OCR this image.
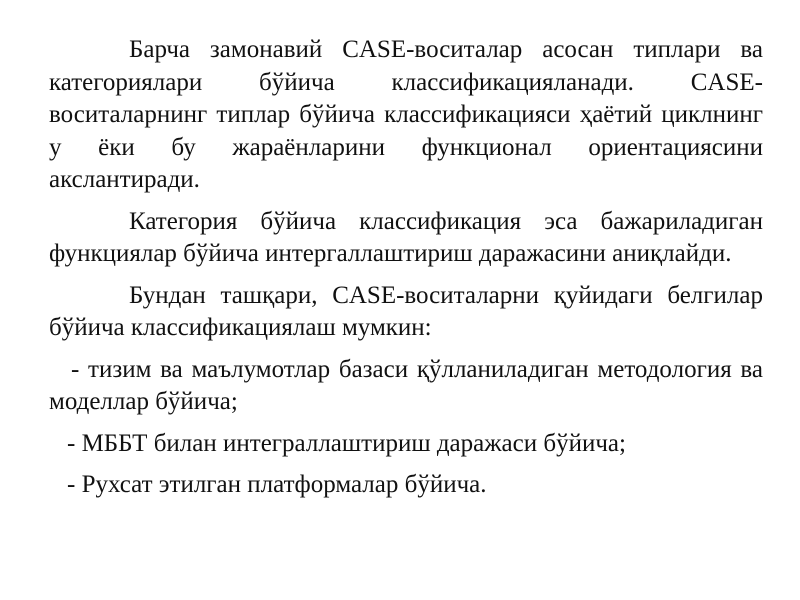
Барча замонавий CASE-воситалар асосан типлари ва категориялари бўйича классификацияланади. CASE-воситаларнинг типлар бўйича классификацияси ҳаётий циклнинг у ёки бу жараёнларини функционал ориентациясини акслантиради.

Категория бўйича классификация эса бажариладиган функциялар бўйича интергаллаштириш даражасини аниқлайди.

Бундан ташқари, CASE-воситаларни қуйидаги белгилар бўйича классификациялаш мумкин:

- тизим ва маълумотлар базаси қўлланиладиган методология ва моделлар бўйича;

- МББТ билан интеграллаштириш даражаси бўйича;

- Рухсат этилган платформалар бўйича.
